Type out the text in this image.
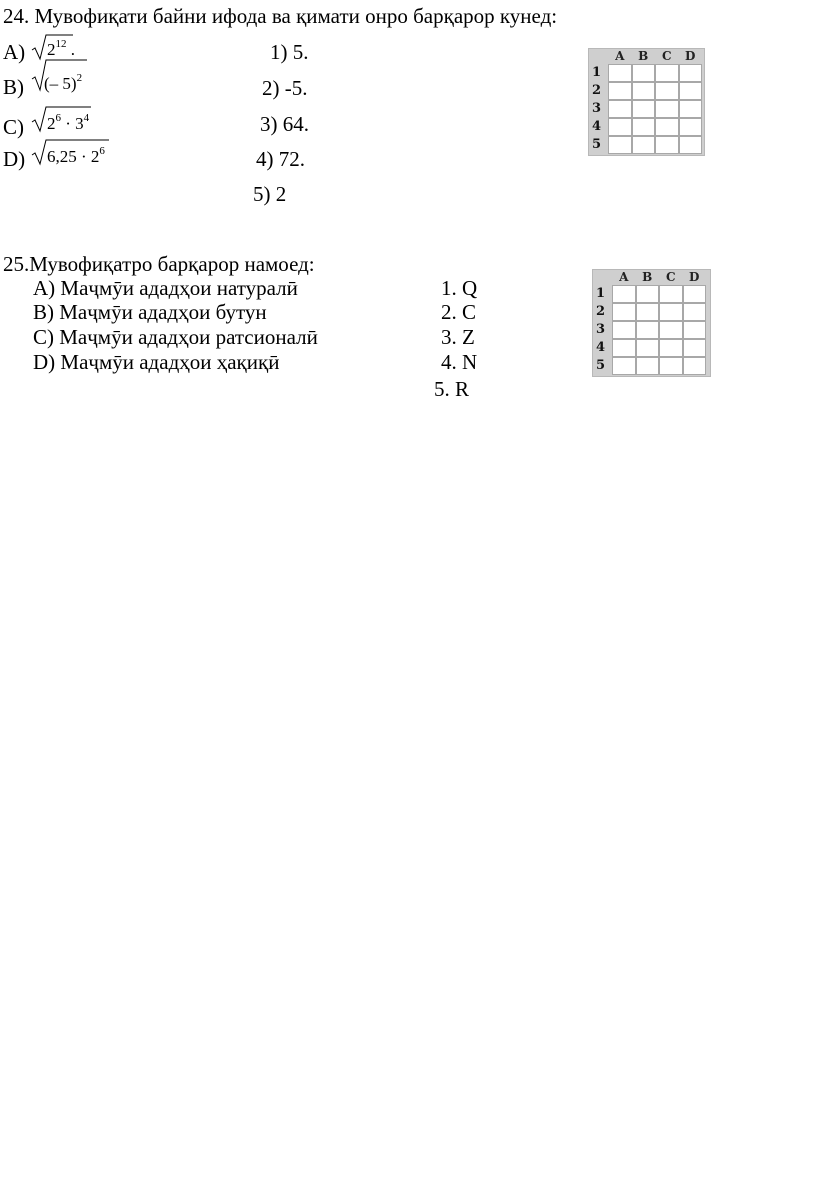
24. Мувофиқати байни ифода ва қимати онро барқарор кунед:
A) $2^{12}$ .
B) (– 5)$^2$
C) $2^6 \cdot 3^4$
D) $6,25 \cdot 2^6$
1) 5.
2) -5.
3) 64.
4) 72.
5) 2
A	B	C	D
1
2
3
4
5
25.Мувофиқатро барқарор намоед:
A) Маҷмӯи ададҳои натуралӣ
B) Маҷмӯи ададҳои бутун
C) Маҷмӯи ададҳои ратсионалӣ
D) Маҷмӯи ададҳои ҳақиқӣ
1. Q
2. C
3. Z
4. N
5. R
A	B	C	D
1
2
3
4
5
